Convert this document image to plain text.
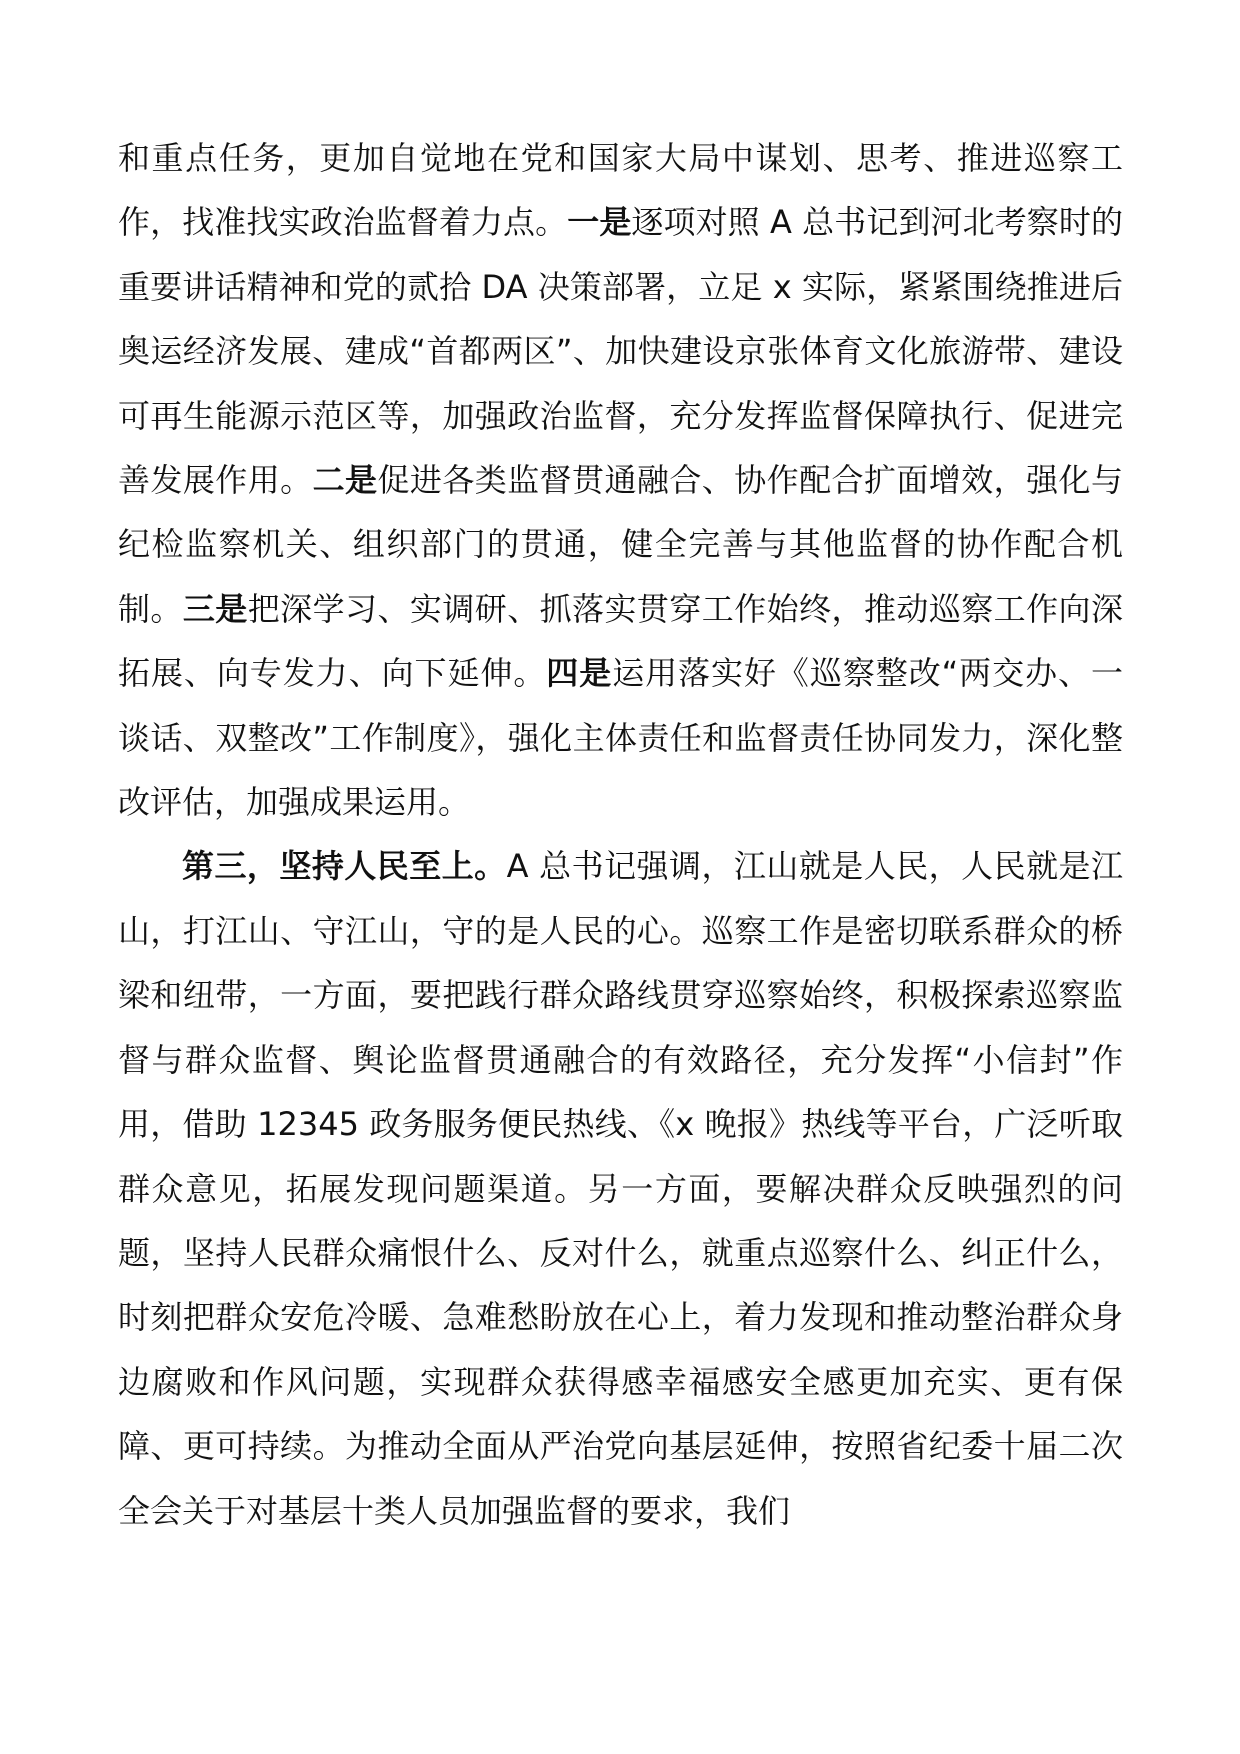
和重点任务，更加自觉地在党和国家大局中谋划、思考、推进巡察工作，找准找实政治监督着力点。一是逐项对照 A 总书记到河北考察时的重要讲话精神和党的贰拾 DA 决策部署，立足 x 实际，紧紧围绕推进后奥运经济发展、建成“首都两区”、加快建设京张体育文化旅游带、建设可再生能源示范区等，加强政治监督，充分发挥监督保障执行、促进完善发展作用。二是促进各类监督贯通融合、协作配合扩面增效，强化与纪检监察机关、组织部门的贯通，健全完善与其他监督的协作配合机制。三是把深学习、实调研、抓落实贯穿工作始终，推动巡察工作向深拓展、向专发力、向下延伸。四是运用落实好《巡察整改“两交办、一谈话、双整改”工作制度》，强化主体责任和监督责任协同发力，深化整改评估，加强成果运用。

第三，坚持人民至上。A 总书记强调，江山就是人民，人民就是江山，打江山、守江山，守的是人民的心。巡察工作是密切联系群众的桥梁和纽带，一方面，要把践行群众路线贯穿巡察始终，积极探索巡察监督与群众监督、舆论监督贯通融合的有效路径，充分发挥“小信封”作用，借助 12345 政务服务便民热线、《x 晚报》热线等平台，广泛听取群众意见，拓展发现问题渠道。另一方面，要解决群众反映强烈的问题，坚持人民群众痛恨什么、反对什么，就重点巡察什么、纠正什么，时刻把群众安危冷暖、急难愁盼放在心上，着力发现和推动整治群众身边腐败和作风问题，实现群众获得感幸福感安全感更加充实、更有保障、更可持续。为推动全面从严治党向基层延伸，按照省纪委十届二次全会关于对基层十类人员加强监督的要求，我们
